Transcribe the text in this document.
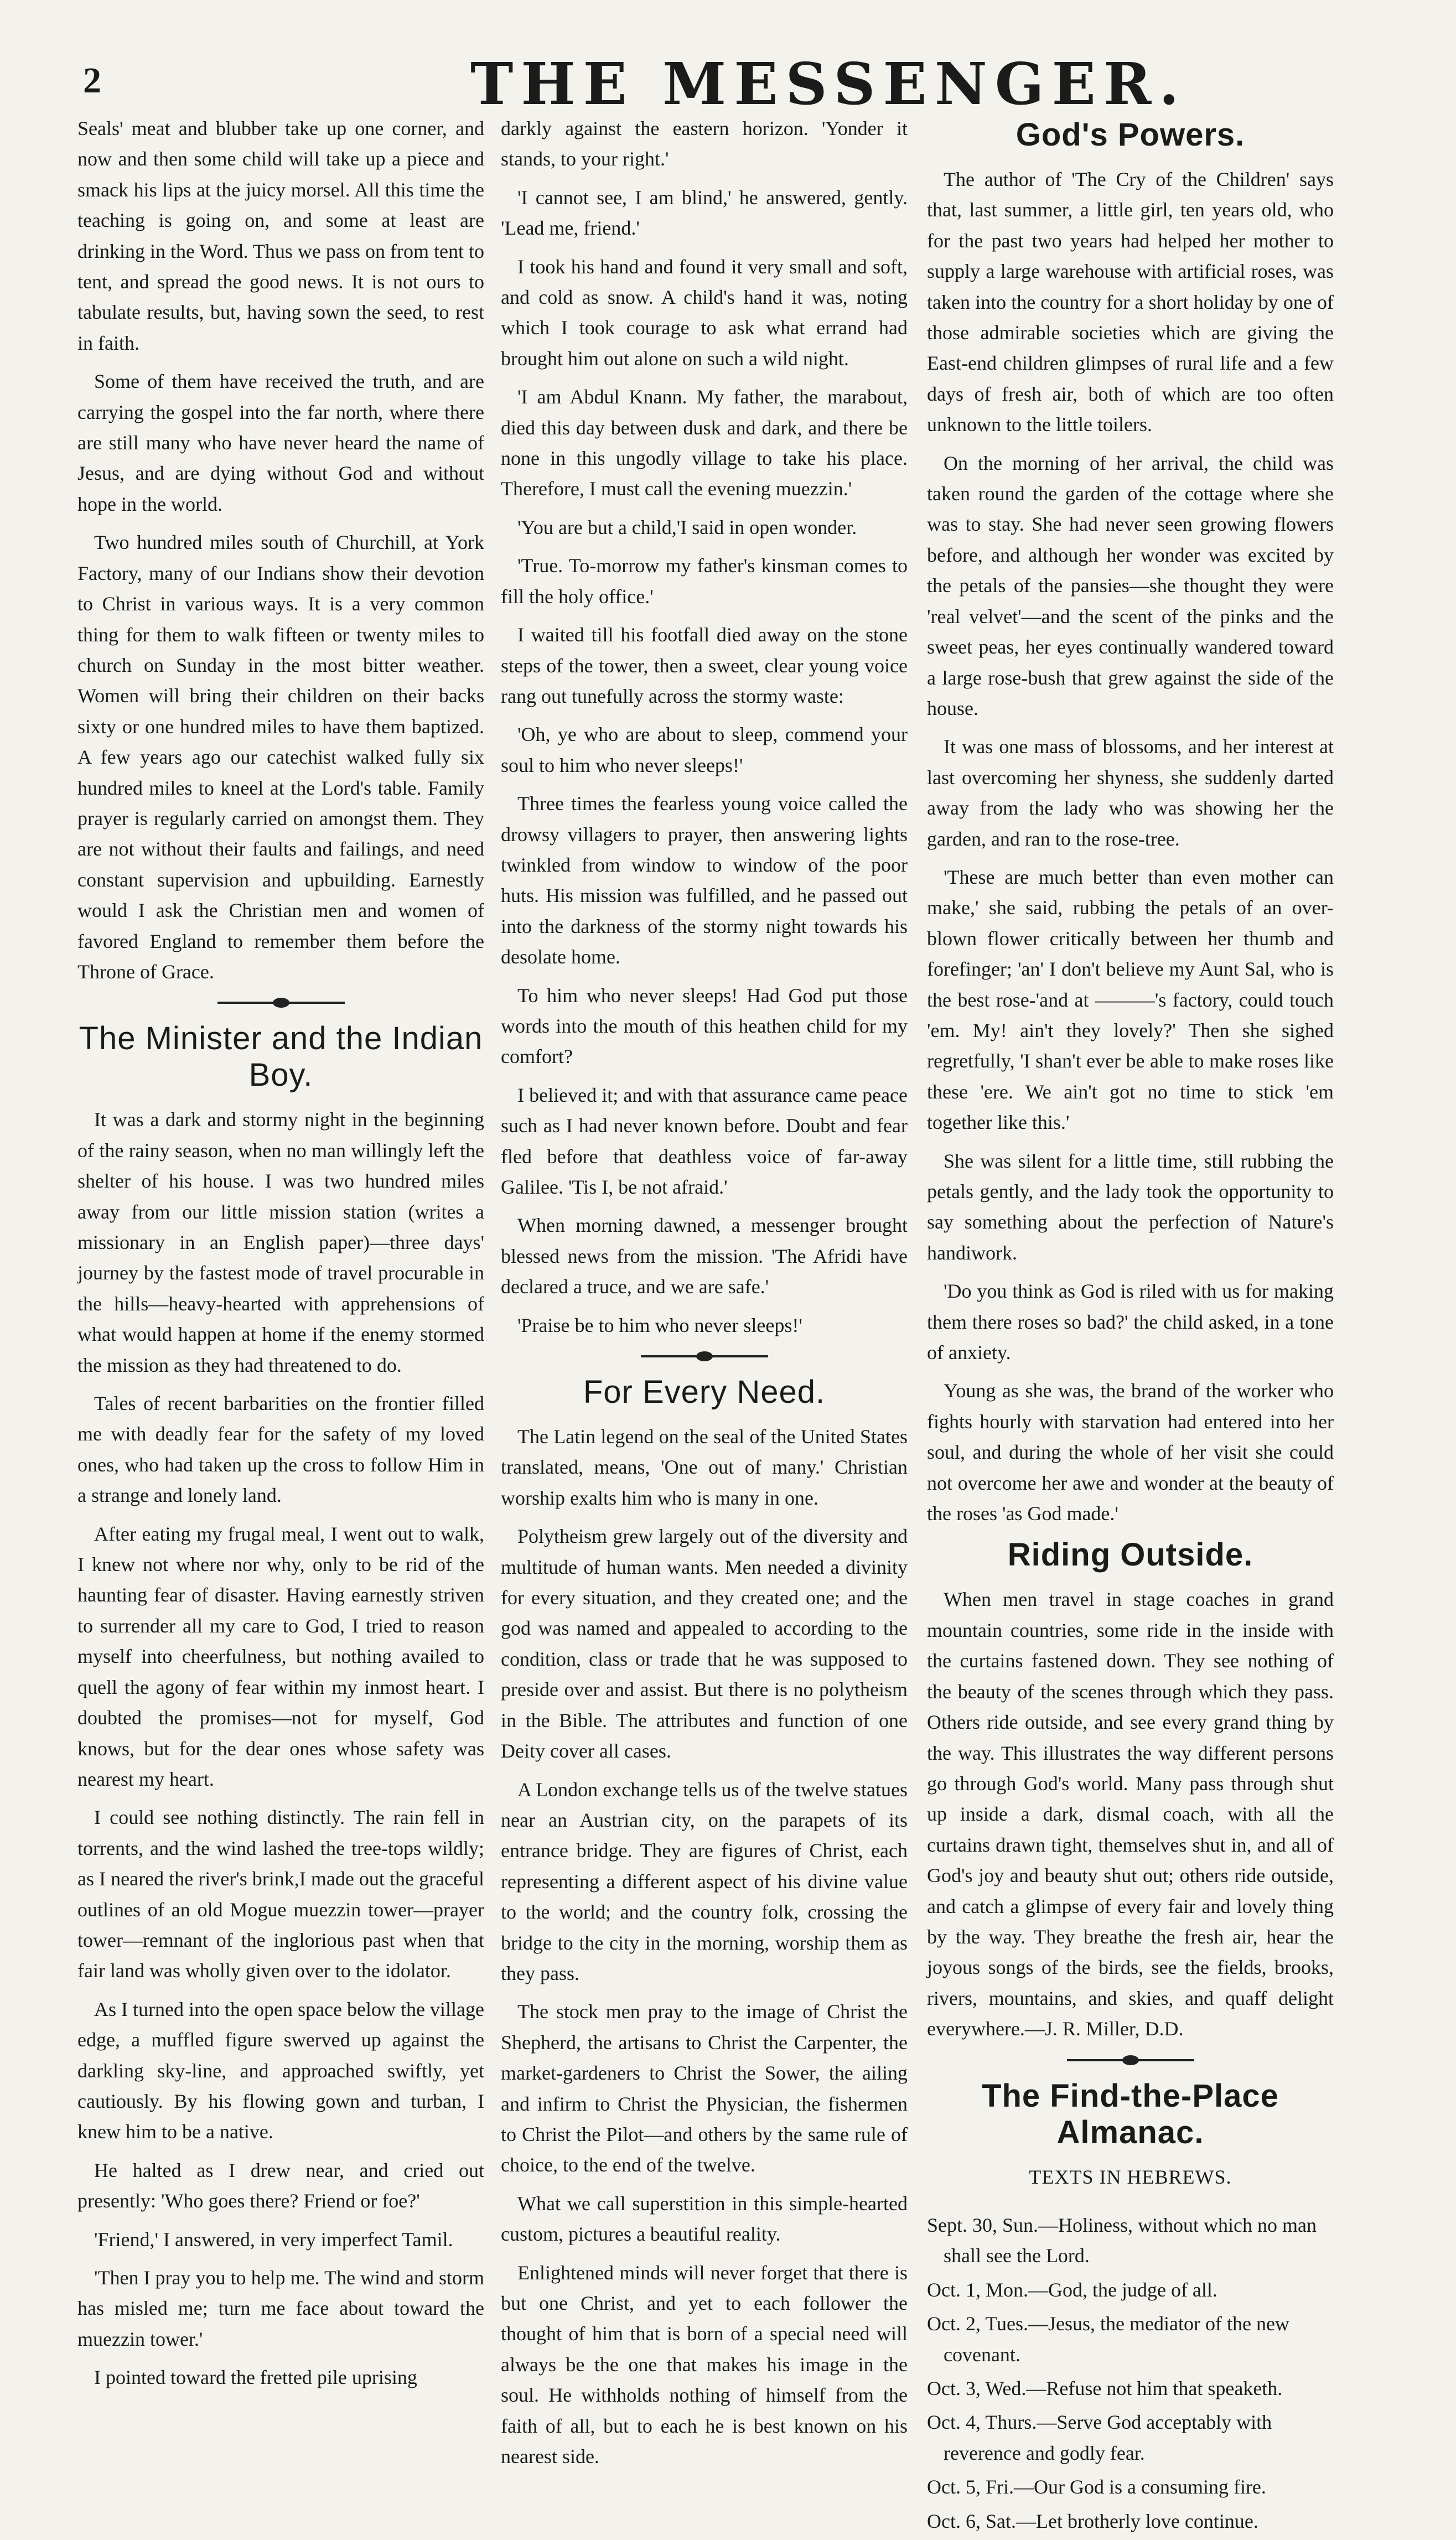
2	THE MESSENGER.

Seals' meat and blubber take up one corner, and now and then some child will take up a piece and smack his lips at the juicy morsel. All this time the teaching is going on, and some at least are drinking in the Word. Thus we pass on from tent to tent, and spread the good news. It is not ours to tabulate results, but, having sown the seed, to rest in faith.

Some of them have received the truth, and are carrying the gospel into the far north, where there are still many who have never heard the name of Jesus, and are dying without God and without hope in the world.

Two hundred miles south of Churchill, at York Factory, many of our Indians show their devotion to Christ in various ways. It is a very common thing for them to walk fifteen or twenty miles to church on Sunday in the most bitter weather. Women will bring their children on their backs sixty or one hundred miles to have them baptized. A few years ago our catechist walked fully six hundred miles to kneel at the Lord's table. Family prayer is regularly carried on amongst them. They are not without their faults and failings, and need constant supervision and upbuilding. Earnestly would I ask the Christian men and women of favored England to remember them before the Throne of Grace.

The Minister and the Indian Boy.

It was a dark and stormy night in the beginning of the rainy season, when no man willingly left the shelter of his house. I was two hundred miles away from our little mission station (writes a missionary in an English paper)—three days' journey by the fastest mode of travel procurable in the hills—heavy-hearted with apprehensions of what would happen at home if the enemy stormed the mission as they had threatened to do.

Tales of recent barbarities on the frontier filled me with deadly fear for the safety of my loved ones, who had taken up the cross to follow Him in a strange and lonely land.

After eating my frugal meal, I went out to walk, I knew not where nor why, only to be rid of the haunting fear of disaster. Having earnestly striven to surrender all my care to God, I tried to reason myself into cheerfulness, but nothing availed to quell the agony of fear within my inmost heart. I doubted the promises—not for myself, God knows, but for the dear ones whose safety was nearest my heart.

I could see nothing distinctly. The rain fell in torrents, and the wind lashed the tree-tops wildly; as I neared the river's brink,I made out the graceful outlines of an old Mogue muezzin tower—prayer tower—remnant of the inglorious past when that fair land was wholly given over to the idolator.

As I turned into the open space below the village edge, a muffled figure swerved up against the darkling sky-line, and approached swiftly, yet cautiously. By his flowing gown and turban, I knew him to be a native.

He halted as I drew near, and cried out presently: 'Who goes there? Friend or foe?'

'Friend,' I answered, in very imperfect Tamil.

'Then I pray you to help me. The wind and storm has misled me; turn me face about toward the muezzin tower.'

I pointed toward the fretted pile uprising

darkly against the eastern horizon. 'Yonder it stands, to your right.'

'I cannot see, I am blind,' he answered, gently. 'Lead me, friend.'

I took his hand and found it very small and soft, and cold as snow. A child's hand it was, noting which I took courage to ask what errand had brought him out alone on such a wild night.

'I am Abdul Knann. My father, the marabout, died this day between dusk and dark, and there be none in this ungodly village to take his place. Therefore, I must call the evening muezzin.'

'You are but a child,'I said in open wonder.

'True. To-morrow my father's kinsman comes to fill the holy office.'

I waited till his footfall died away on the stone steps of the tower, then a sweet, clear young voice rang out tunefully across the stormy waste:

'Oh, ye who are about to sleep, commend your soul to him who never sleeps!'

Three times the fearless young voice called the drowsy villagers to prayer, then answering lights twinkled from window to window of the poor huts. His mission was fulfilled, and he passed out into the darkness of the stormy night towards his desolate home.

To him who never sleeps! Had God put those words into the mouth of this heathen child for my comfort?

I believed it; and with that assurance came peace such as I had never known before. Doubt and fear fled before that deathless voice of far-away Galilee. 'Tis I, be not afraid.'

When morning dawned, a messenger brought blessed news from the mission. 'The Afridi have declared a truce, and we are safe.'

'Praise be to him who never sleeps!'

For Every Need.

The Latin legend on the seal of the United States translated, means, 'One out of many.' Christian worship exalts him who is many in one.

Polytheism grew largely out of the diversity and multitude of human wants. Men needed a divinity for every situation, and they created one; and the god was named and appealed to according to the condition, class or trade that he was supposed to preside over and assist. But there is no polytheism in the Bible. The attributes and function of one Deity cover all cases.

A London exchange tells us of the twelve statues near an Austrian city, on the parapets of its entrance bridge. They are figures of Christ, each representing a different aspect of his divine value to the world; and the country folk, crossing the bridge to the city in the morning, worship them as they pass.

The stock men pray to the image of Christ the Shepherd, the artisans to Christ the Carpenter, the market-gardeners to Christ the Sower, the ailing and infirm to Christ the Physician, the fishermen to Christ the Pilot—and others by the same rule of choice, to the end of the twelve.

What we call superstition in this simple-hearted custom, pictures a beautiful reality.

Enlightened minds will never forget that there is but one Christ, and yet to each follower the thought of him that is born of a special need will always be the one that makes his image in the soul. He withholds nothing of himself from the faith of all, but to each he is best known on his nearest side.

God's Powers.

The author of 'The Cry of the Children' says that, last summer, a little girl, ten years old, who for the past two years had helped her mother to supply a large warehouse with artificial roses, was taken into the country for a short holiday by one of those admirable societies which are giving the East-end children glimpses of rural life and a few days of fresh air, both of which are too often unknown to the little toilers.

On the morning of her arrival, the child was taken round the garden of the cottage where she was to stay. She had never seen growing flowers before, and although her wonder was excited by the petals of the pansies—she thought they were 'real velvet'—and the scent of the pinks and the sweet peas, her eyes continually wandered toward a large rose-bush that grew against the side of the house.

It was one mass of blossoms, and her interest at last overcoming her shyness, she suddenly darted away from the lady who was showing her the garden, and ran to the rose-tree.

'These are much better than even mother can make,' she said, rubbing the petals of an over-blown flower critically between her thumb and forefinger; 'an' I don't believe my Aunt Sal, who is the best rose-'and at ———'s factory, could touch 'em. My! ain't they lovely?' Then she sighed regretfully, 'I shan't ever be able to make roses like these 'ere. We ain't got no time to stick 'em together like this.'

She was silent for a little time, still rubbing the petals gently, and the lady took the opportunity to say something about the perfection of Nature's handiwork.

'Do you think as God is riled with us for making them there roses so bad?' the child asked, in a tone of anxiety.

Young as she was, the brand of the worker who fights hourly with starvation had entered into her soul, and during the whole of her visit she could not overcome her awe and wonder at the beauty of the roses 'as God made.'

Riding Outside.

When men travel in stage coaches in grand mountain countries, some ride in the inside with the curtains fastened down. They see nothing of the beauty of the scenes through which they pass. Others ride outside, and see every grand thing by the way. This illustrates the way different persons go through God's world. Many pass through shut up inside a dark, dismal coach, with all the curtains drawn tight, themselves shut in, and all of God's joy and beauty shut out; others ride outside, and catch a glimpse of every fair and lovely thing by the way. They breathe the fresh air, hear the joyous songs of the birds, see the fields, brooks, rivers, mountains, and skies, and quaff delight everywhere.—J. R. Miller, D.D.

The Find-the-Place Almanac.
TEXTS IN HEBREWS.
Sept. 30, Sun.—Holiness, without which no man shall see the Lord.
Oct. 1, Mon.—God, the judge of all.
Oct. 2, Tues.—Jesus, the mediator of the new covenant.
Oct. 3, Wed.—Refuse not him that speaketh.
Oct. 4, Thurs.—Serve God acceptably with reverence and godly fear.
Oct. 5, Fri.—Our God is a consuming fire.
Oct. 6, Sat.—Let brotherly love continue.
